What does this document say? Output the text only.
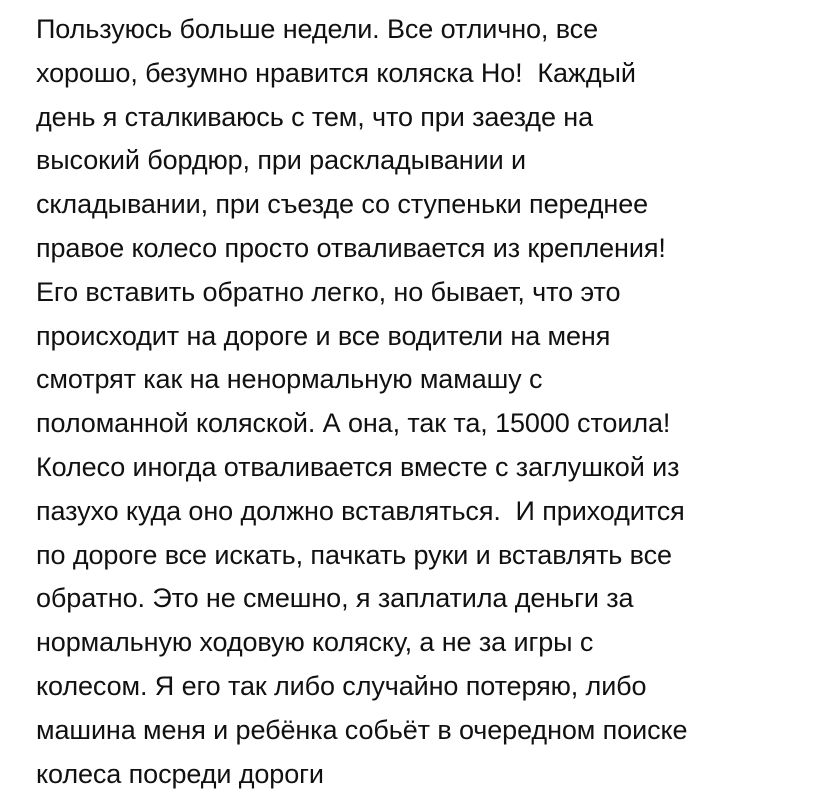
Пользуюсь больше недели. Все отлично, все
хорошо, безумно нравится коляска Но!  Каждый
день я сталкиваюсь с тем, что при заезде на
высокий бордюр, при раскладывании и
складывании, при съезде со ступеньки переднее
правое колесо просто отваливается из крепления!
Его вставить обратно легко, но бывает, что это
происходит на дороге и все водители на меня
смотрят как на ненормальную мамашу с
поломанной коляской. А она, так та, 15000 стоила!
Колесо иногда отваливается вместе с заглушкой из
пазухо куда оно должно вставляться.  И приходится
по дороге все искать, пачкать руки и вставлять все
обратно. Это не смешно, я заплатила деньги за
нормальную ходовую коляску, а не за игры с
колесом. Я его так либо случайно потеряю, либо
машина меня и ребёнка собьёт в очередном поиске
колеса посреди дороги
